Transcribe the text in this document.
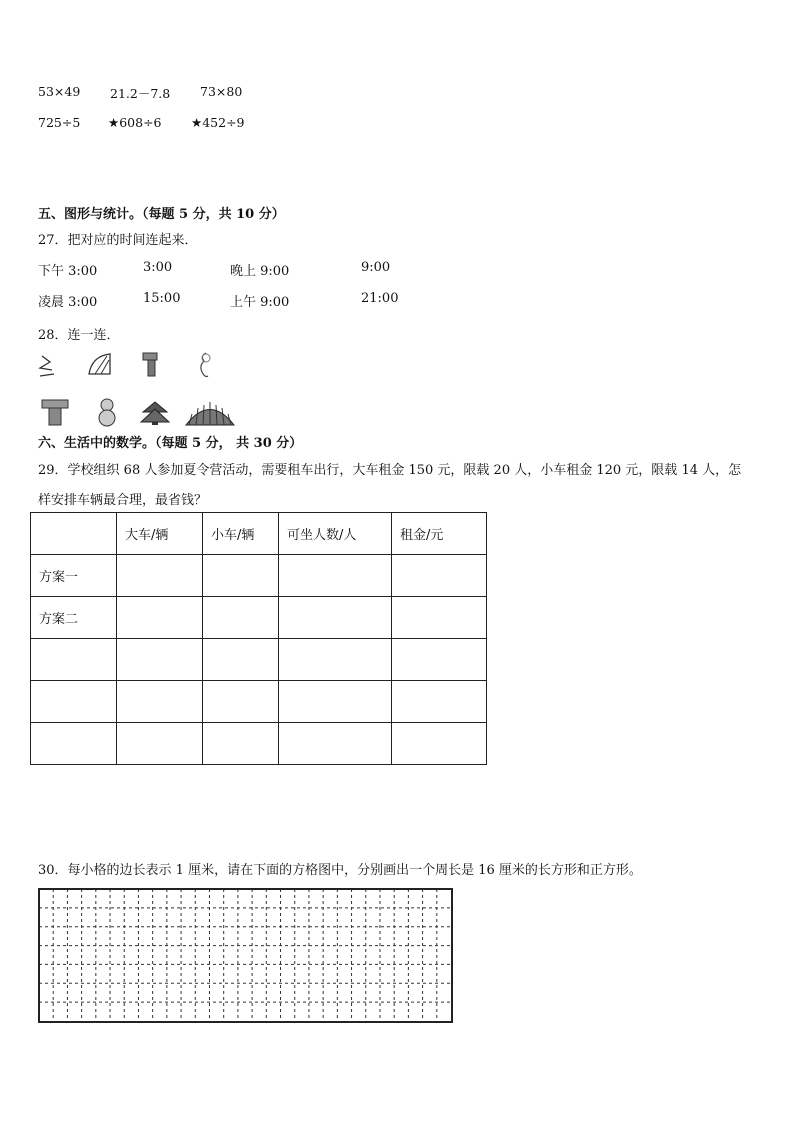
53×49 21.2－7.8 73×80
725÷5 ★608÷6 ★452÷9
五、图形与统计。（每题 5 分，共 10 分）
27．把对应的时间连起来．
下午 3:00	3:00	晚上 9:00	9:00
凌晨 3:00	15:00	上午 9:00	21:00
28．连一连．
六、生活中的数学。（每题 5 分， 共 30 分）
29．学校组织 68 人参加夏令营活动，需要租车出行，大车租金 150 元，限载 20 人，小车租金 120 元，限载 14 人，怎
样安排车辆最合理，最省钱？
	大车/辆	小车/辆	可坐人数/人	租金/元
方案一				
方案二				

30．每小格的边长表示 1 厘米，请在下面的方格图中，分别画出一个周长是 16 厘米的长方形和正方形。
